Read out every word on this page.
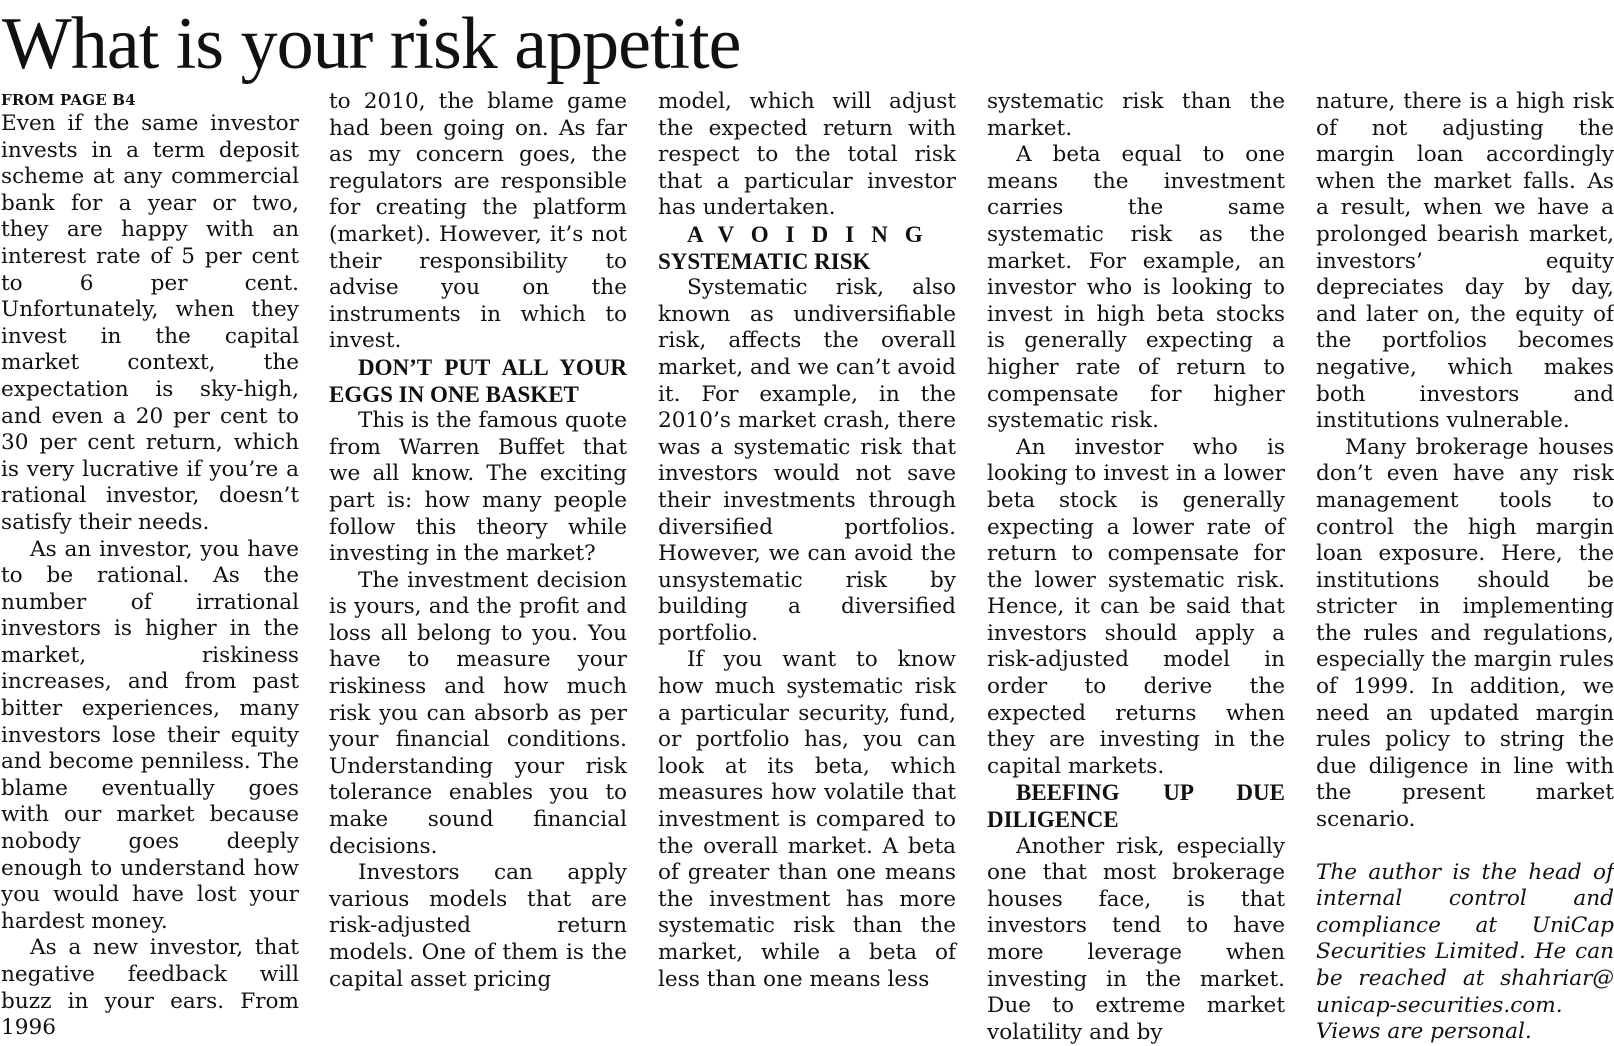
What is your risk appetite
FROM PAGE B4

Even if the same investor invests in a term deposit scheme at any commercial bank for a year or two, they are happy with an interest rate of 5 per cent to 6 per cent. Unfortunately, when they invest in the capital market context, the expectation is sky-high, and even a 20 per cent to 30 per cent return, which is very lucrative if you’re a rational investor, doesn’t satisfy their needs.

As an investor, you have to be rational. As the number of irrational investors is higher in the market, riskiness increases, and from past bitter experiences, many investors lose their equity and become penniless. The blame eventually goes with our market because nobody goes deeply enough to understand how you would have lost your hardest money.

As a new investor, that negative feedback will buzz in your ears. From 1996

to 2010, the blame game had been going on. As far as my concern goes, the regulators are responsible for creating the platform (market). However, it’s not their responsibility to advise you on the instruments in which to invest.

DON’T PUT ALL YOUR EGGS IN ONE BASKET

This is the famous quote from Warren Buffet that we all know. The exciting part is: how many people follow this theory while investing in the market?

The investment decision is yours, and the profit and loss all belong to you. You have to measure your riskiness and how much risk you can absorb as per your financial conditions. Understanding your risk tolerance enables you to make sound financial decisions.

Investors can apply various models that are risk-adjusted return models. One of them is the capital asset pricing

model, which will adjust the expected return with respect to the total risk that a particular investor has undertaken.

AVOIDING

SYSTEMATIC RISK

Systematic risk, also known as undiversifiable risk, affects the overall market, and we can’t avoid it. For example, in the 2010’s market crash, there was a systematic risk that investors would not save their investments through diversified portfolios. However, we can avoid the unsystematic risk by building a diversified portfolio.

If you want to know how much systematic risk a particular security, fund, or portfolio has, you can look at its beta, which measures how volatile that investment is compared to the overall market. A beta of greater than one means the investment has more systematic risk than the market, while a beta of less than one means less

systematic risk than the market.

A beta equal to one means the investment carries the same systematic risk as the market. For example, an investor who is looking to invest in high beta stocks is generally expecting a higher rate of return to compensate for higher systematic risk.

An investor who is looking to invest in a lower beta stock is generally expecting a lower rate of return to compensate for the lower systematic risk. Hence, it can be said that investors should apply a risk-adjusted model in order to derive the expected returns when they are investing in the capital markets.

BEEFING UP DUE DILIGENCE

Another risk, especially one that most brokerage houses face, is that investors tend to have more leverage when investing in the market. Due to extreme market volatility and by

nature, there is a high risk of not adjusting the margin loan accordingly when the market falls. As a result, when we have a prolonged bearish market, investors’ equity depreciates day by day, and later on, the equity of the portfolios becomes negative, which makes both investors and institutions vulnerable.

Many brokerage houses don’t even have any risk management tools to control the high margin loan exposure. Here, the institutions should be stricter in implementing the rules and regulations, especially the margin rules of 1999. In addition, we need an updated margin rules policy to string the due diligence in line with the present market scenario.

The author is the head of internal control and compliance at UniCap Securities Limited. He can be reached at shahriar@ unicap-securities.com. Views are personal.
